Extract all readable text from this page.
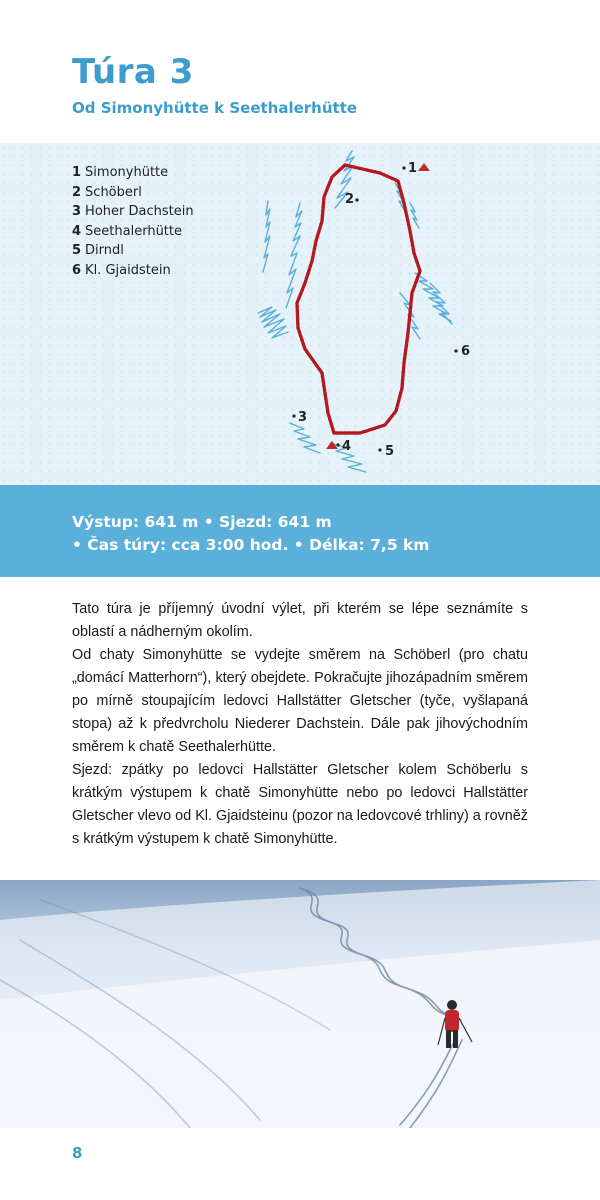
Túra 3
Od Simonyhütte k Seethalerhütte
1
2
3
4	5
6
1 Simonyhütte
2 Schöberl
3 Hoher Dachstein
4 Seethalerhütte
5 Dirndl
6 Kl. Gjaidstein
Výstup: 641 m • Sjezd: 641 m
• Čas túry: cca 3:00 hod. • Délka: 7,5 km

Tato túra je příjemný úvodní výlet, při kterém se lépe seznámíte s oblastí a nádherným okolím.

Od chaty Simonyhütte se vydejte směrem na Schöberl (pro chatu „domácí Matterhorn“), který obejdete. Pokračujte jihozápadním směrem po mírně stoupajícím ledovci Hallstätter Gletscher (tyče, vyšlapaná stopa) až k předvrcholu Niederer Dachstein. Dále pak jihovýchodním směrem k chatě Seethalerhütte.

Sjezd: zpátky po ledovci Hallstätter Gletscher kolem Schöberlu s krátkým výstupem k chatě Simonyhütte nebo po ledovci Hallstätter Gletscher vlevo od Kl. Gjaidsteinu (pozor na ledovcové trhliny) a rovněž s krátkým výstupem k chatě Simonyhütte.

8
